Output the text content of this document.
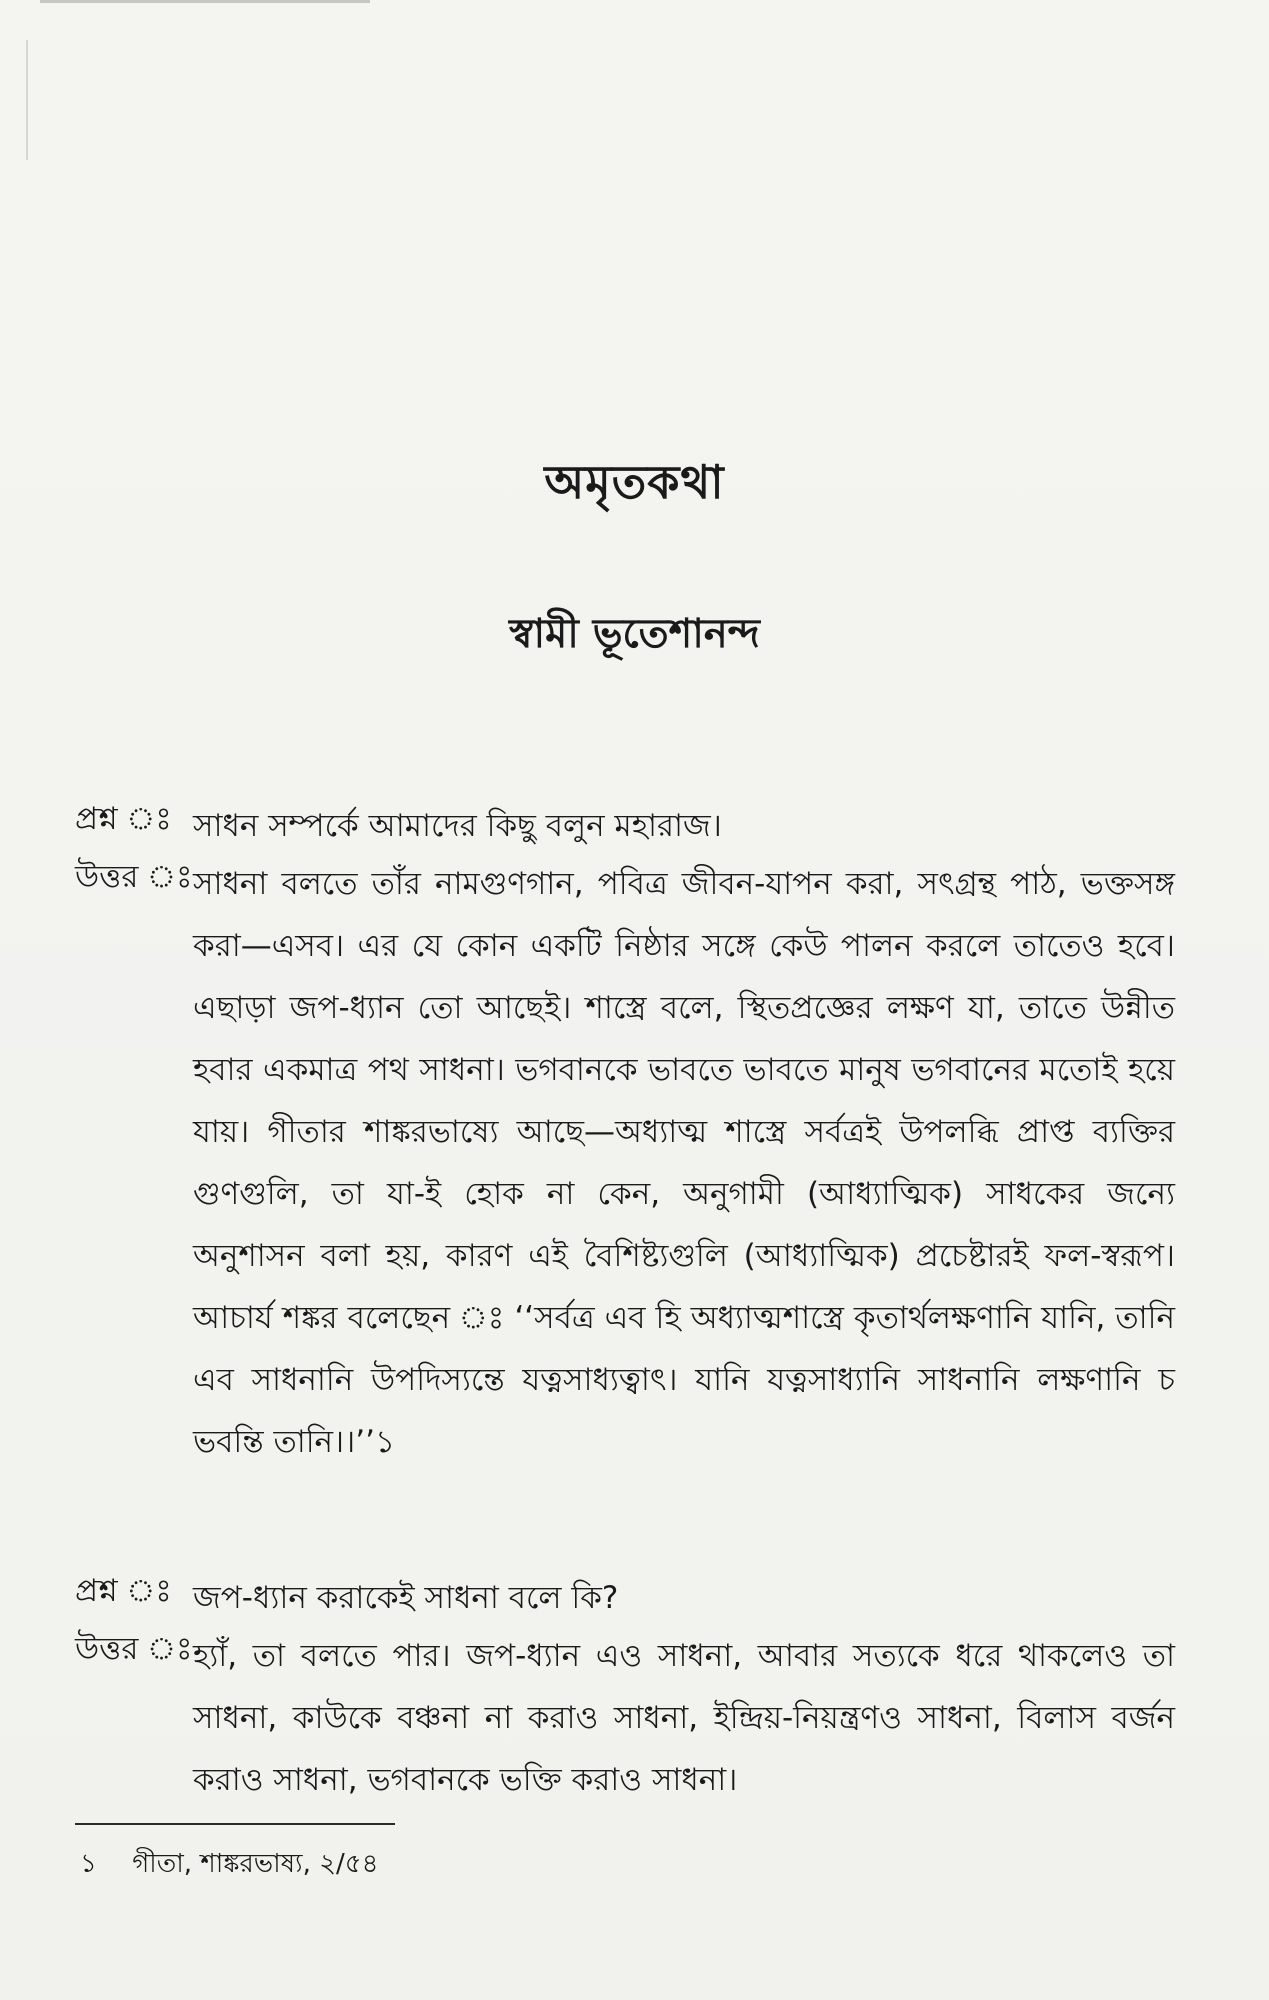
অমৃতকথা
স্বামী ভূতেশানন্দ
প্রশ্ন ঃ সাধন সম্পর্কে আমাদের কিছু বলুন মহারাজ।
উত্তর ঃ সাধনা বলতে তাঁর নামগুণগান, পবিত্র জীবন-যাপন করা, সৎগ্রন্থ পাঠ, ভক্তসঙ্গ করা—এসব। এর যে কোন একটি নিষ্ঠার সঙ্গে কেউ পালন করলে তাতেও হবে। এছাড়া জপ-ধ্যান তো আছেই। শাস্ত্রে বলে, স্থিতপ্রজ্ঞের লক্ষণ যা, তাতে উন্নীত হবার একমাত্র পথ সাধনা। ভগবানকে ভাবতে ভাবতে মানুষ ভগবানের মতোই হয়ে যায়। গীতার শাঙ্করভাষ্যে আছে—অধ্যাত্ম শাস্ত্রে সর্বত্রই উপলব্ধি প্রাপ্ত ব্যক্তির গুণগুলি, তা যা-ই হোক না কেন, অনুগামী (আধ্যাত্মিক) সাধকের জন্যে অনুশাসন বলা হয়, কারণ এই বৈশিষ্ট্যগুলি (আধ্যাত্মিক) প্রচেষ্টারই ফল-স্বরূপ। আচার্য শঙ্কর বলেছেন ঃ ‘‘সর্বত্র এব হি অধ্যাত্মশাস্ত্রে কৃতার্থলক্ষণানি যানি, তানি এব সাধনানি উপদিস্যন্তে যত্নসাধ্যত্বাৎ। যানি যত্নসাধ্যানি সাধনানি লক্ষণানি চ ভবন্তি তানি।।’’১
প্রশ্ন ঃ জপ-ধ্যান করাকেই সাধনা বলে কি?
উত্তর ঃ হ্যাঁ, তা বলতে পার। জপ-ধ্যান এও সাধনা, আবার সত্যকে ধরে থাকলেও তা সাধনা, কাউকে বঞ্চনা না করাও সাধনা, ইন্দ্রিয়-নিয়ন্ত্রণও সাধনা, বিলাস বর্জন করাও সাধনা, ভগবানকে ভক্তি করাও সাধনা।
১ গীতা, শাঙ্করভাষ্য, ২/৫৪
